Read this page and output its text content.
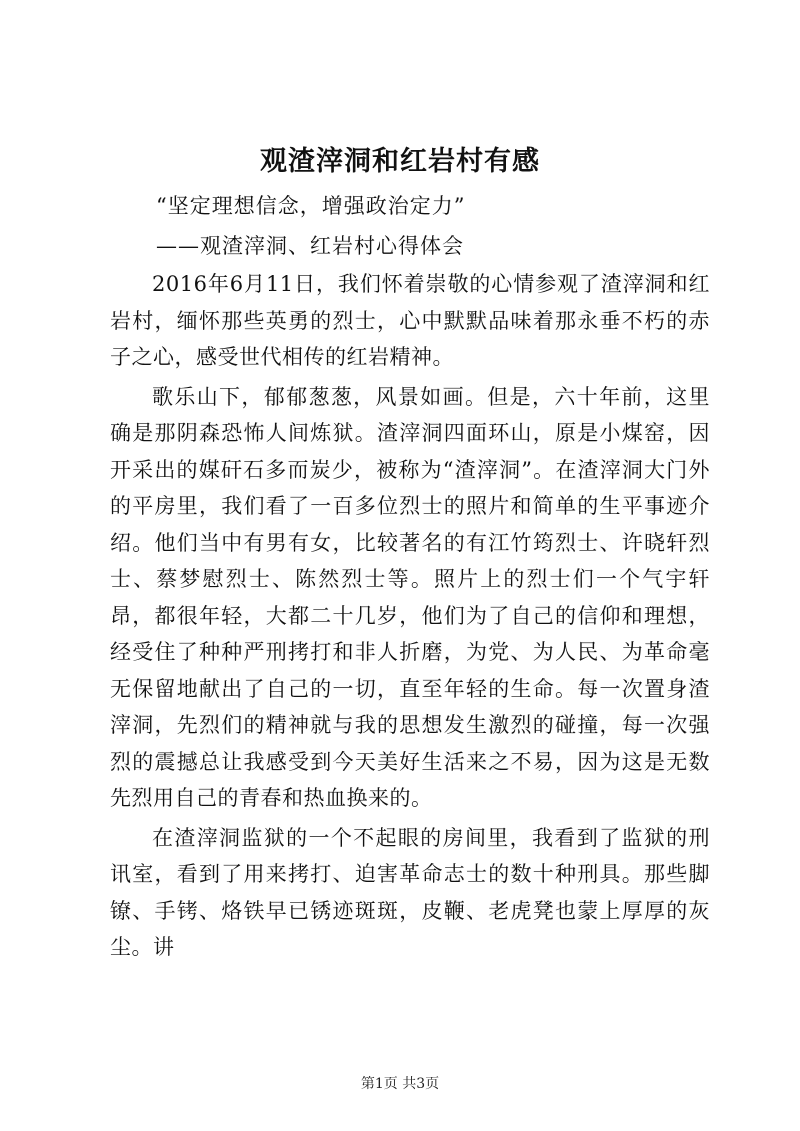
观渣滓洞和红岩村有感

“坚定理想信念，增强政治定力”

——观渣滓洞、红岩村心得体会

2016年6月11日，我们怀着崇敬的心情参观了渣滓洞和红岩村，缅怀那些英勇的烈士，心中默默品味着那永垂不朽的赤子之心，感受世代相传的红岩精神。

歌乐山下，郁郁葱葱，风景如画。但是，六十年前，这里确是那阴森恐怖人间炼狱。渣滓洞四面环山，原是小煤窑，因开采出的媒矸石多而炭少，被称为“渣滓洞”。在渣滓洞大门外的平房里，我们看了一百多位烈士的照片和简单的生平事迹介绍。他们当中有男有女，比较著名的有江竹筠烈士、许晓轩烈士、蔡梦慰烈士、陈然烈士等。照片上的烈士们一个气宇轩昂，都很年轻，大都二十几岁，他们为了自己的信仰和理想，经受住了种种严刑拷打和非人折磨，为党、为人民、为革命毫无保留地献出了自己的一切，直至年轻的生命。每一次置身渣滓洞，先烈们的精神就与我的思想发生激烈的碰撞，每一次强烈的震撼总让我感受到今天美好生活来之不易，因为这是无数先烈用自己的青春和热血换来的。

在渣滓洞监狱的一个不起眼的房间里，我看到了监狱的刑讯室，看到了用来拷打、迫害革命志士的数十种刑具。那些脚镣、手铐、烙铁早已锈迹斑斑，皮鞭、老虎凳也蒙上厚厚的灰尘。讲

第1页 共3页
